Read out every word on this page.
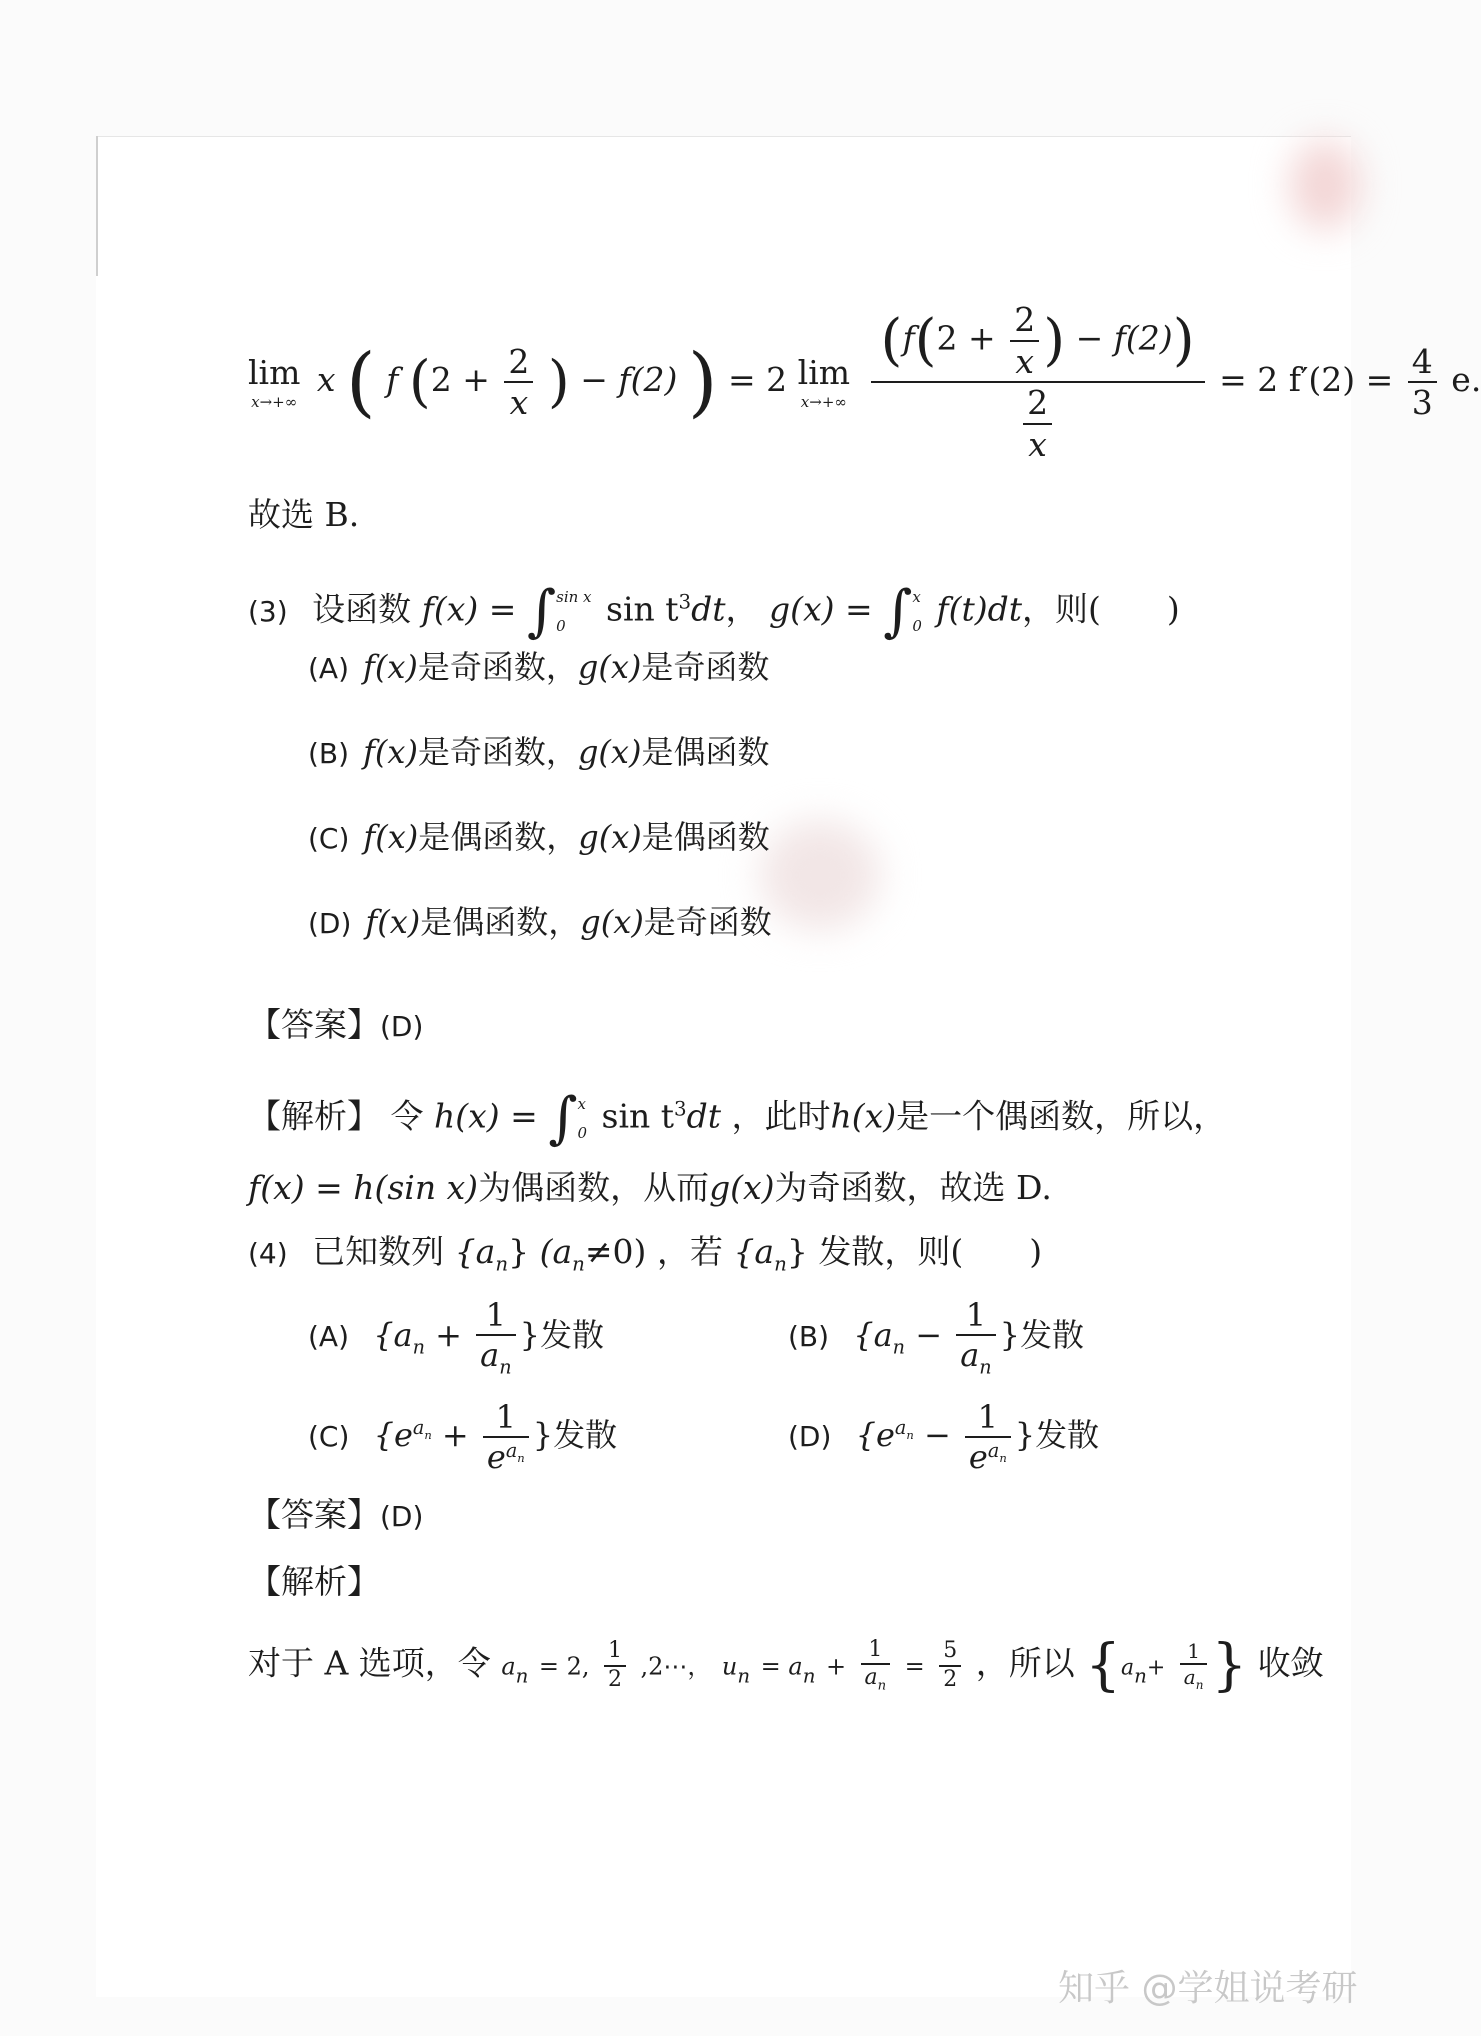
lim
x→+∞
x ( f ($2 + \frac{2}{x}$ ) − f(2) ) = 2 lim
x→+∞
$\frac{(f(2 + \frac{2}{x} ) - f(2))}{\frac{2}{x}} = 2$ $f'(2) = \frac{4}{3} e$.
故选 B.
(3) 设函数 f(x) = ∫ sin x
0	$\sin t^3dt$， g(x) = ∫ x
0 f(t)dt，则(　　)
(A) f(x)是奇函数，g(x)是奇函数
(B) f(x)是奇函数，g(x)是偶函数
(C) f(x)是偶函数，g(x)是偶函数
(D) f(x)是偶函数，g(x)是奇函数
【答案】(D)
【解析】 令 h(x) = ∫ x
0 $\sin t^3dt$ ，此时h(x)是一个偶函数，所以，
f(x) = h(sin x)为偶函数，从而g(x)为奇函数，故选 D.
(4) 已知数列 $\{a_n\}$ $(a_n\ne 0)$ ，若 $\{a_n\}$ 发散，则(　　)
(A) {$a_n + \frac{1}{a_n}$ }发散	(B) {$a_n - \frac{1}{a_n}$ }发散
(C) {$e^{a_n} + \frac{1}{e^{a_n}}$ }发散	(D) {$e^{a_n} - \frac{1}{e^{a_n}}$ }发散
【答案】(D)
【解析】
对于 A 选项，令 $a_n = 2$, $\frac{1}{2}$ ,2⋯， $u_n = a_n + \frac{1}{a_n} = \frac{5}{2}$ ，所以 {$a_n+ \frac{1}{a_n}$ } 收敛
知乎 @学姐说考研
